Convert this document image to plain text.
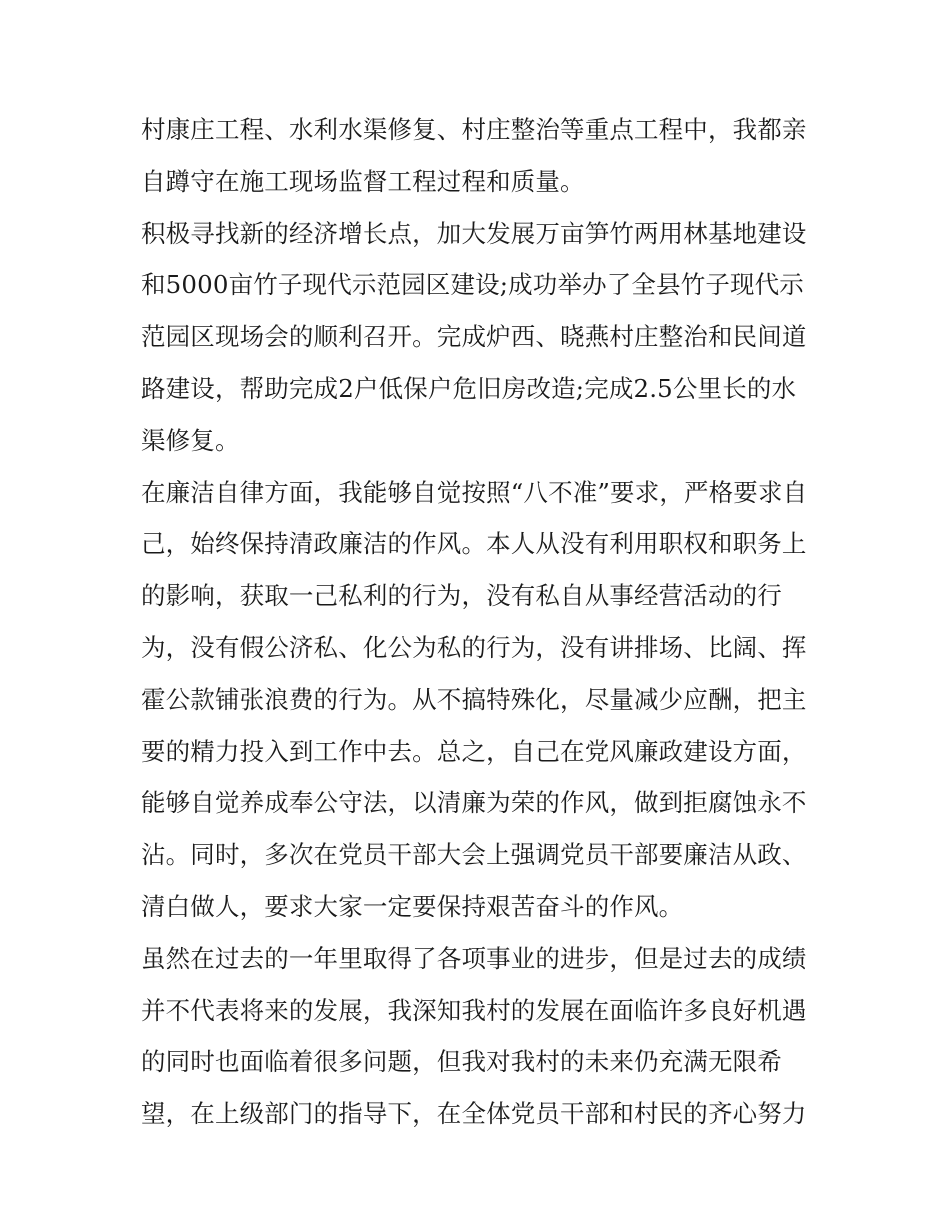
村康庄工程、水利水渠修复、村庄整治等重点工程中，我都亲
自蹲守在施工现场监督工程过程和质量。
积极寻找新的经济增长点，加大发展万亩笋竹两用林基地建设
和5000亩竹子现代示范园区建设;成功举办了全县竹子现代示
范园区现场会的顺利召开。完成炉西、晓燕村庄整治和民间道
路建设，帮助完成2户低保户危旧房改造;完成2.5公里长的水
渠修复。
在廉洁自律方面，我能够自觉按照“八不准”要求，严格要求自
己，始终保持清政廉洁的作风。本人从没有利用职权和职务上
的影响，获取一己私利的行为，没有私自从事经营活动的行
为，没有假公济私、化公为私的行为，没有讲排场、比阔、挥
霍公款铺张浪费的行为。从不搞特殊化，尽量减少应酬，把主
要的精力投入到工作中去。总之，自己在党风廉政建设方面，
能够自觉养成奉公守法，以清廉为荣的作风，做到拒腐蚀永不
沾。同时，多次在党员干部大会上强调党员干部要廉洁从政、
清白做人，要求大家一定要保持艰苦奋斗的作风。
虽然在过去的一年里取得了各项事业的进步，但是过去的成绩
并不代表将来的发展，我深知我村的发展在面临许多良好机遇
的同时也面临着很多问题，但我对我村的未来仍充满无限希
望，在上级部门的指导下，在全体党员干部和村民的齐心努力
